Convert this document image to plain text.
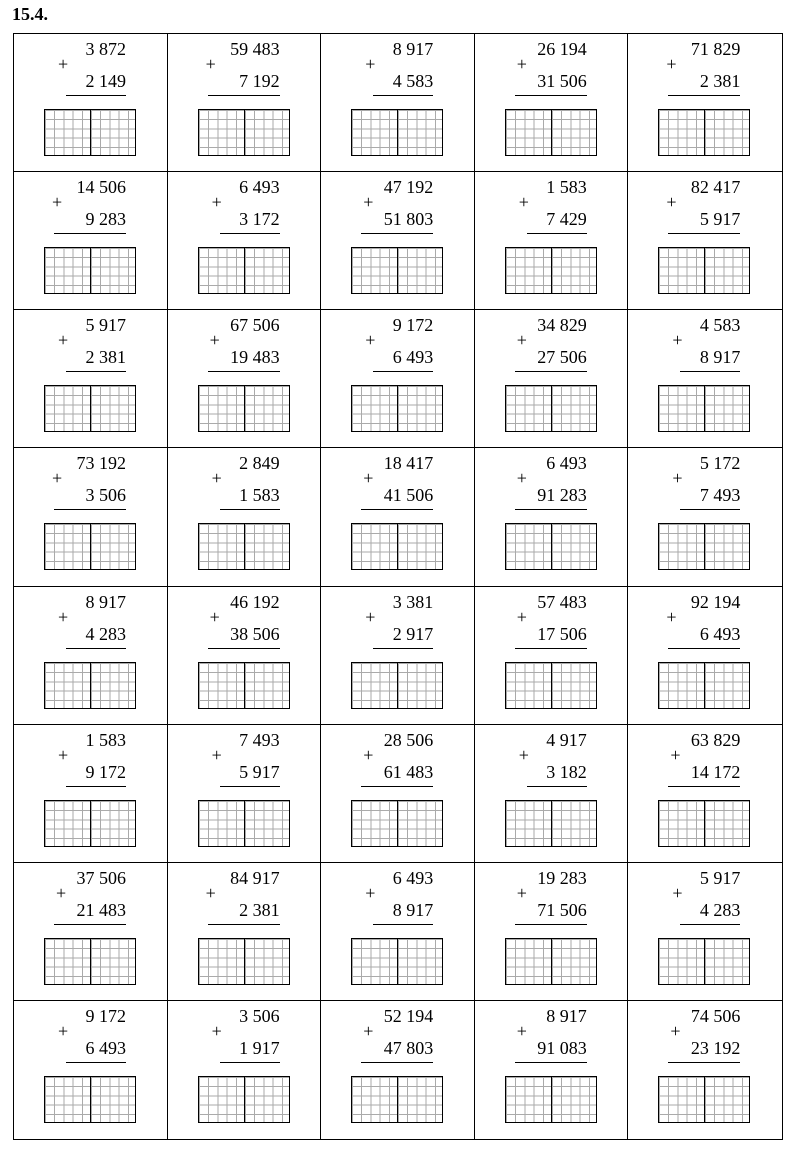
15.4.
3 872
+
2 149
59 483
+
7 192
8 917
+
4 583
26 194
+
31 506
71 829
+
2 381
14 506
+
9 283
6 493
+
3 172
47 192
+
51 803
1 583
+
7 429
82 417
+
5 917
5 917
+
2 381
67 506
+
19 483
9 172
+
6 493
34 829
+
27 506
4 583
+
8 917
73 192
+
3 506
2 849
+
1 583
18 417
+
41 506
6 493
+
91 283
5 172
+
7 493
8 917
+
4 283
46 192
+
38 506
3 381
+
2 917
57 483
+
17 506
92 194
+
6 493
1 583
+
9 172
7 493
+
5 917
28 506
+
61 483
4 917
+
3 182
63 829
+
14 172
37 506
+
21 483
84 917
+
2 381
6 493
+
8 917
19 283
+
71 506
5 917
+
4 283
9 172
+
6 493
3 506
+
1 917
52 194
+
47 803
8 917
+
91 083
74 506
+
23 192
